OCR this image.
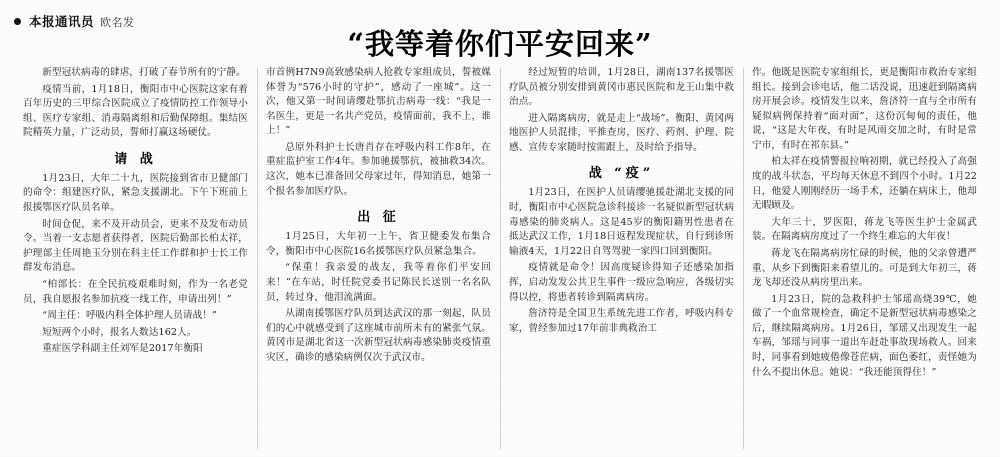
本报通讯员 欧名发
“我等着你们平安回来”

新型冠状病毒的肆虐，打破了春节所有的宁静。

疫情当前，1月18日，衡阳市中心医院这家有着百年历史的三甲综合医院成立了疫情防控工作领导小组、医疗专家组、消毒隔离组和后勤保障组。集结医院精英力量，广泛动员，誓师打赢这场硬仗。

请 战

1月23日，大年二十九，医院接到省市卫健部门的命令：组建医疗队，紧急支援湖北。下午下班前上报援鄂医疗队员名单。

时间仓促，来不及开动员会，更来不及发布动员令。当着一支志愿者获得者，医院后勤部长柏太祥，护理部主任周艳玉分别在科主任工作群和护士长工作群发布消息。

“柏部长：在全民抗疫艰难时刻，作为一名老党员，我自愿报名参加抗疫一线工作，申请出列！”

“周主任：呼吸内科全体护理人员请战！”

短短两个小时，报名人数达162人。

重症医学科副主任刘军是2017年衡阳

市首例H7N9高致感染病人抢救专家组成员，誓被媒体誉为“576小时的守护”，感动了一座城”。这一次，他又第一时间请缨赴鄂抗击病毒一线：“我是一名医生，更是一名共产党员，疫情面前，我不上，谁上！”

总原外科护士长唐肖存在呼吸内科工作8年，在重症监护室工作4年。参加驰援鄂抗，被抽救34次。这次，她本已准备回父母家过年，得知消息，她第一个报名参加医疗队。

出 征

1月25日，大年初一上午，省卫健委发布集合令，衡阳市中心医院16名援鄂医疗队员紧急集合。

“保重！我亲爱的战友，我等着你们平安回来！”在车站，时任院党委书记陈民长送别一名名队员，转过身，他泪流满面。

从湖南援鄂医疗队员到达武汉的那一刻起，队员们的心中就感受到了这座城市前所未有的紧张气氛。黄冈市是湖北省这一次新型冠状病毒感染肺炎疫情重灾区，确诊的感染病例仅次于武汉市。

经过短暂的培训，1月28日，湖南137名援鄂医疗队员被分别安排到黄冈市惠民医院和龙王山集中救治点。

进入隔离病房，就是走上“战场”。衡阳、黄冈两地医护人员混排，平推查房，医疗、药剂、护理、院感、宣传专家随时按需跟上，及时给予指导。

战 “疫”

1月23日，在医护人员请缨驰援赴湖北支援的同时，衡阳市中心医院急诊科接诊一名疑似新型冠状病毒感染的肺炎病人。这是45岁的衡阳籍男性患者在抵达武汉工作，1月18日返程发现症状，自行到诊所输液4天，1月22日自驾驾驶一家四口回到衡阳。

疫情就是命令！因高度疑诊得知子还感染加指挥，启动发发公共卫生事件一级应急响应，各级切实得以控，将患者转诊到隔离病房。

詹济符是全国卫生系统先进工作者，呼吸内科专家，曾经参加过17年前非典救治工

作。他既是医院专家组组长，更是衡阳市救治专家组组长。接到会诊电话，他二话没说，迅速赶到隔离病房开展会诊。疫情发生以来，詹济符一直与全市所有疑似病例保持着“面对面”，这份沉甸甸的责任，他说，“这是大年夜，有时是风雨交加之时，有时是常宁市，有时在祁东县。”

柏太祥在疫情警报拉响初期，就已经投入了高强度的战斗状态，平均每天休息不到四个小时。1月22日，他爱人刚刚经历一场手术，还躺在病床上，他却无暇顾及。

大年三十，罗医阳，蒋龙飞等医生护士金属武装。在隔离病房度过了一个终生难忘的大年夜！

蒋龙飞在隔离病房忙碌的时候，他的父亲曾遭严重、从乡下到衡阳来看望儿的。可是到大年初三，蒋龙飞却还没从病房里出来。

1月23日，院的急救科护士邹瑶高烧39℃，她做了一个血常规检查，确定不是新型冠状病毒感染之后，继续隔离病房。1月26日，邹瑶又出现发生一起车祸，邹瑶与同事一道出车赶赴事故现场救人。回来时，同事看到她疲倦像苍茫病，面色萎红，责怪她为什么不提出休息。她说：“我还能顶得住！”
